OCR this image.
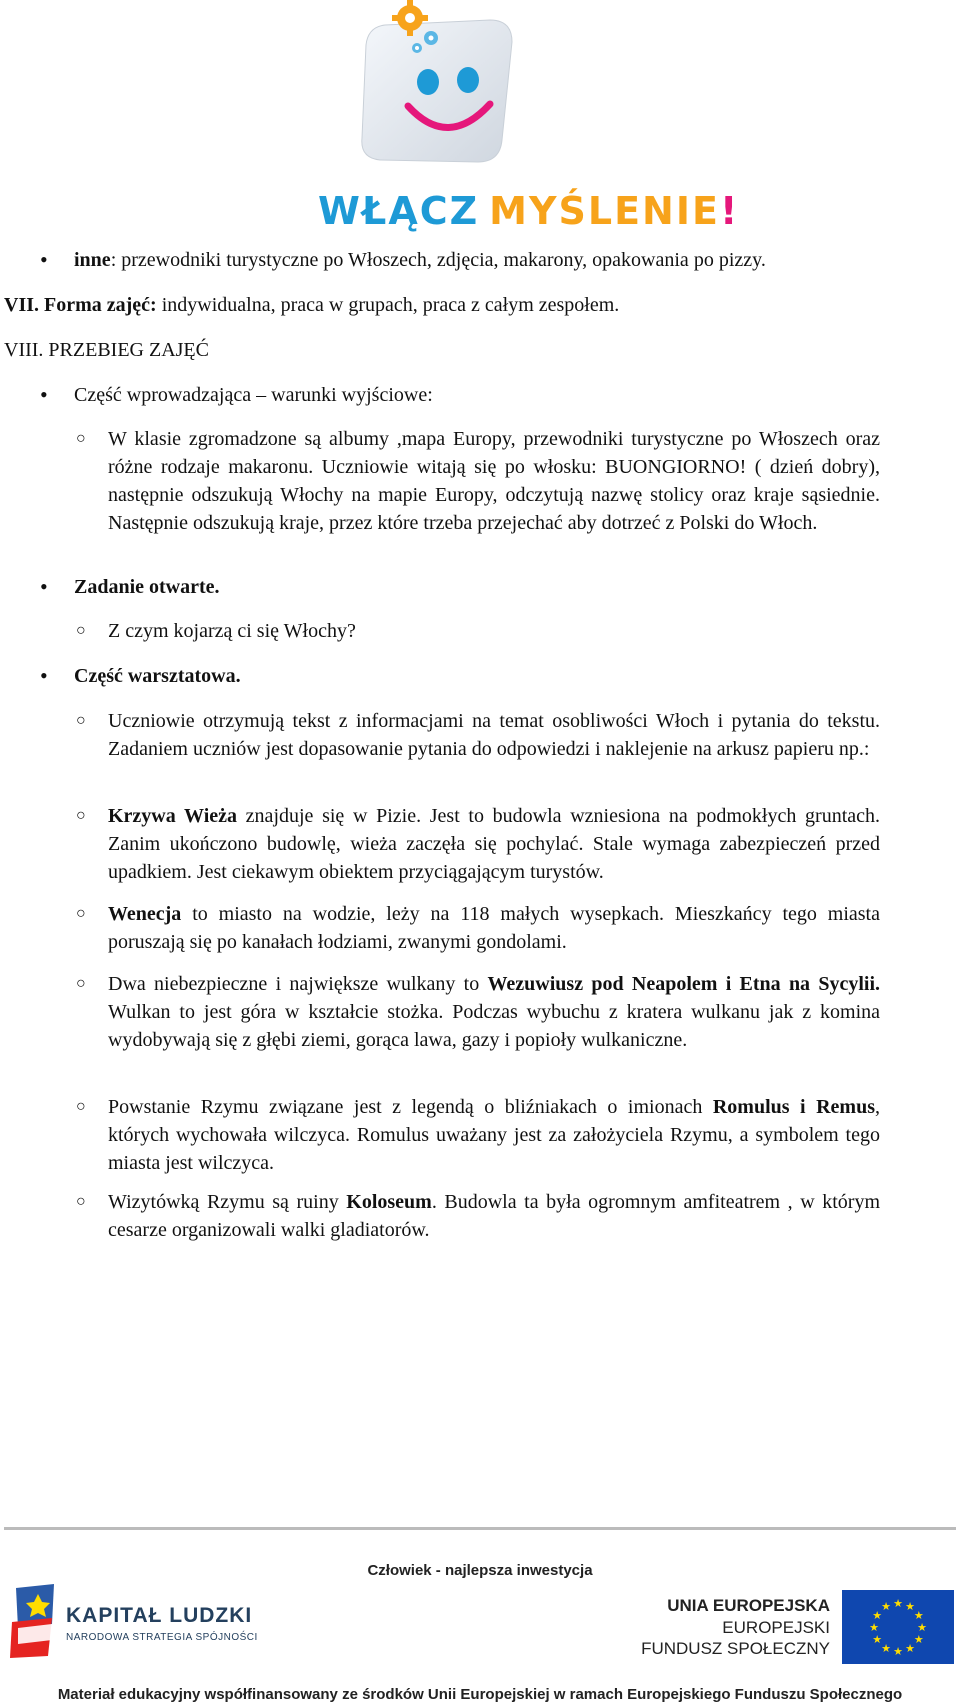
WŁĄCZ MYŚLENIE!
• inne: przewodniki turystyczne po Włoszech, zdjęcia, makarony, opakowania po pizzy.
VII. Forma zajęć: indywidualna, praca w grupach, praca z całym zespołem.
VIII. PRZEBIEG ZAJĘĆ
• Część wprowadzająca – warunki wyjściowe:
○ W klasie zgromadzone są albumy ,mapa Europy, przewodniki turystyczne po Włoszech oraz różne rodzaje makaronu. Uczniowie witają się po włosku: BUONGIORNO! ( dzień dobry), następnie odszukują Włochy na mapie Europy, odczytują nazwę stolicy oraz kraje sąsiednie. Następnie odszukują kraje, przez które trzeba przejechać aby dotrzeć z Polski do Włoch.
• Zadanie otwarte.
○ Z czym kojarzą ci się Włochy?
• Część warsztatowa.
○ Uczniowie otrzymują tekst z informacjami na temat osobliwości Włoch i pytania do tekstu. Zadaniem uczniów jest dopasowanie pytania do odpowiedzi i naklejenie na arkusz papieru np.:
○ Krzywa Wieża znajduje się w Pizie. Jest to budowla wzniesiona na podmokłych gruntach. Zanim ukończono budowlę, wieża zaczęła się pochylać. Stale wymaga zabezpieczeń przed upadkiem. Jest ciekawym obiektem przyciągającym turystów.
○ Wenecja to miasto na wodzie, leży na 118 małych wysepkach. Mieszkańcy tego miasta poruszają się po kanałach łodziami, zwanymi gondolami.
○ Dwa niebezpieczne i największe wulkany to Wezuwiusz pod Neapolem i Etna na Sycylii. Wulkan to jest góra w kształcie stożka. Podczas wybuchu z kratera wulkanu jak z komina wydobywają się z głębi ziemi, gorąca lawa, gazy i popioły wulkaniczne.
○ Powstanie Rzymu związane jest z legendą o bliźniakach o imionach Romulus i Remus, których wychowała wilczyca. Romulus uważany jest za założyciela Rzymu, a symbolem tego miasta jest wilczyca.
○ Wizytówką Rzymu są ruiny Koloseum. Budowla ta była ogromnym amfiteatrem , w którym cesarze organizowali walki gladiatorów.
Człowiek - najlepsza inwestycja
KAPITAŁ LUDZKI
NARODOWA STRATEGIA SPÓJNOŚCI
UNIA EUROPEJSKA
EUROPEJSKI
FUNDUSZ SPOŁECZNY
★ ★
★
★
★
★
★
★
★
★
★
★
Materiał edukacyjny współfinansowany ze środków Unii Europejskiej w ramach Europejskiego Funduszu Społecznego
